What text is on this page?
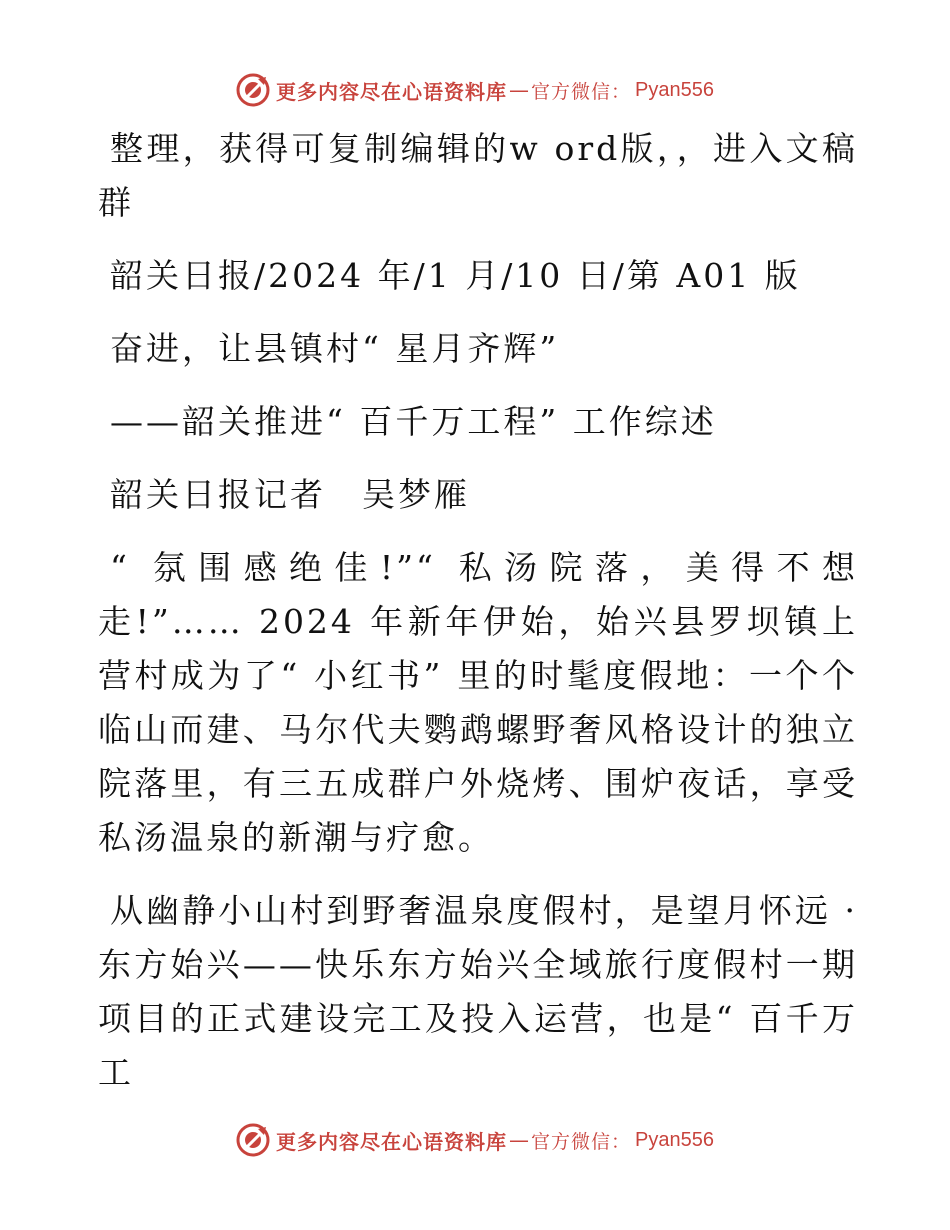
更多内容尽在心语资料库 — 官方微信： Pyan556

整理，获得可复制编辑的w ord版，，进入文稿群

韶关日报/2024 年/1 月/10 日/第 A01 版

奋进，让县镇村“ 星月齐辉”

——韶关推进“ 百千万工程” 工作综述

韶关日报记者　吴梦雁

“ 氛围感绝佳!”“ 私汤院落，美得不想走!”…… 2024 年新年伊始，始兴县罗坝镇上营村成为了“ 小红书” 里的时髦度假地：一个个临山而建、马尔代夫鹦鹉螺野奢风格设计的独立院落里，有三五成群户外烧烤、围炉夜话，享受私汤温泉的新潮与疗愈。

从幽静小山村到野奢温泉度假村，是望月怀远 · 东方始兴——快乐东方始兴全域旅行度假村一期项目的正式建设完工及投入运营，也是“ 百千万工

更多内容尽在心语资料库 — 官方微信： Pyan556
